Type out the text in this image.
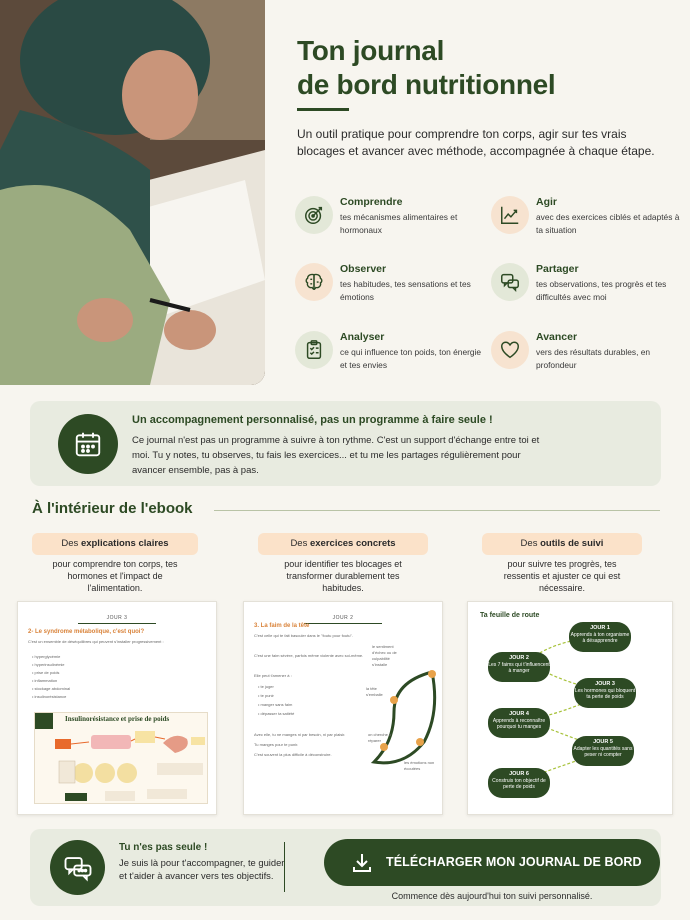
Ton journal
de bord nutritionnel
Un outil pratique pour comprendre ton corps, agir sur tes vrais blocages et avancer avec méthode, accompagnée à chaque étape.
Comprendre
tes mécanismes alimentaires et hormonaux
Agir
avec des exercices ciblés et adaptés à ta situation
Observer
tes habitudes, tes sensations et tes émotions
Partager
tes observations, tes progrès et tes difficultés avec moi
Analyser
ce qui influence ton poids, ton énergie et tes envies
Avancer
vers des résultats durables, en profondeur
Un accompagnement personnalisé, pas un programme à faire seule !
Ce journal n'est pas un programme à suivre à ton rythme. C'est un support d'échange entre toi et moi. Tu y notes, tu observes, tu fais les exercices... et tu me les partages régulièrement pour avancer ensemble, pas à pas.
À l'intérieur de l'ebook
Des explications claires
pour comprendre ton corps, tes hormones et l'impact de l'alimentation.
Des exercices concrets
pour identifier tes blocages et transformer durablement tes habitudes.
Des outils de suivi
pour suivre tes progrès, tes ressentis et ajuster ce qui est nécessaire.
JOUR 3
2- Le syndrome métabolique, c'est quoi?
C'est un ensemble de déséquilibres qui peuvent s'installer progressivement :
• hyperglycémie
• hyperinsulinémie
• prise de poids
• inflammation
• stockage abdominal
• insulinorésistance
Insulinorésistance et prise de poids
JOUR 2
3. La faim de la tête
C'est celle qui te fait basculer dans le "foutu pour foutu".
C'est une faim sévère, parfois même violente avec soi-même.
Elle peut t'amener à :
• te juger
• te punir
• manger sans faim
• dépasser ta satiété
Avec elle, tu ne manges ni par besoin, ni par plaisir.
Tu manges pour te punir.
C'est souvent la plus difficile à déconstruire.
le sentiment d'échec ou de culpabilité s'installe
la tête s'emballe
on cherche à réparer
les émotions non écoutées
Ta feuille de route
JOUR 1
Apprends à ton organisme à désapprendre
JOUR 2
Les 7 faims qui t'influencent à manger
JOUR 3
Les hormones qui bloquent ta perte de poids
JOUR 4
Apprends à reconnaître pourquoi tu manges
JOUR 5
Adapter les quantités sans peser ni compter
JOUR 6
Construis ton objectif de perte de poids
Tu n'es pas seule !
Je suis là pour t'accompagner, te guider et t'aider à avancer vers tes objectifs.
TÉLÉCHARGER MON JOURNAL DE BORD
Commence dès aujourd'hui ton suivi personnalisé.
